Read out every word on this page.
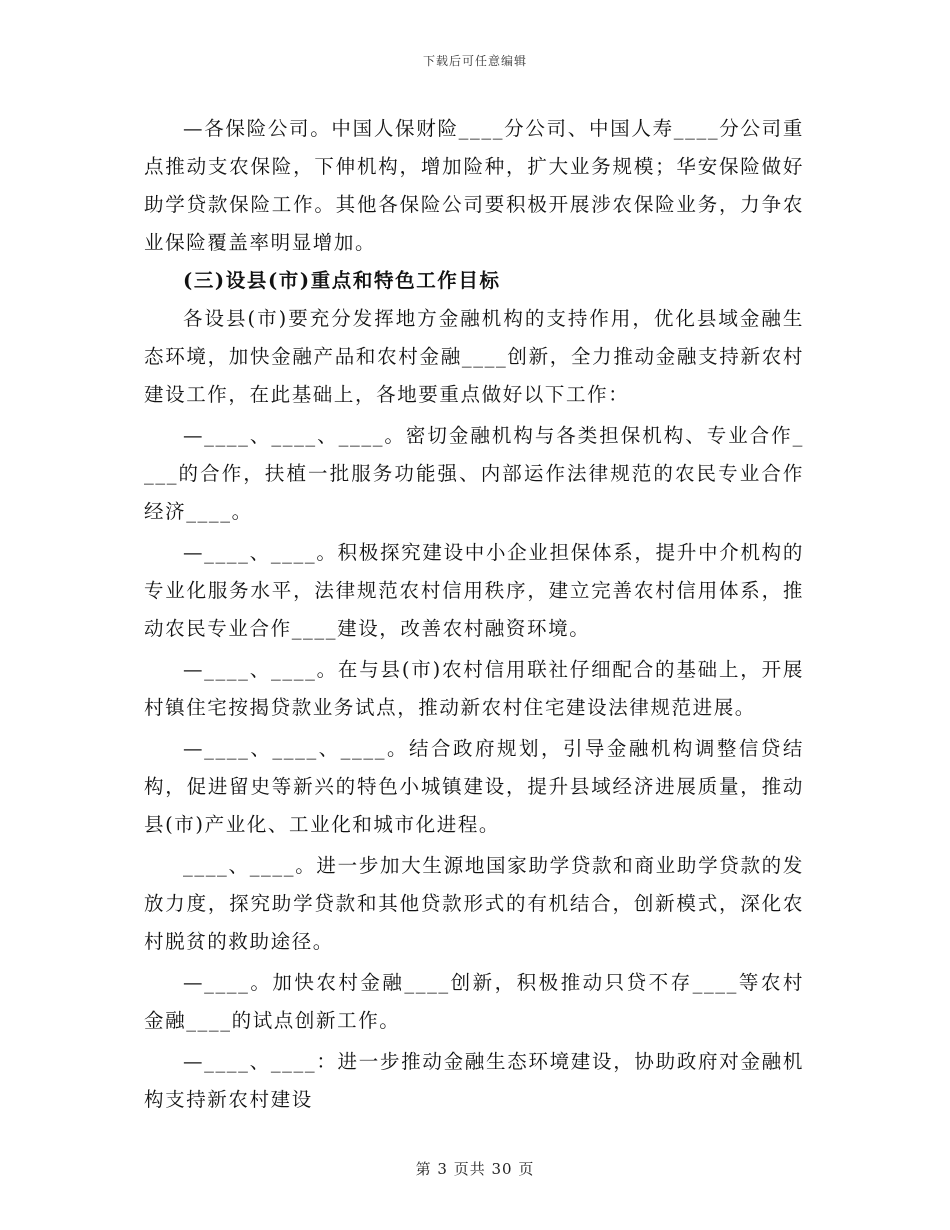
下载后可任意编辑

—各保险公司。中国人保财险____分公司、中国人寿____分公司重点推动支农保险，下伸机构，增加险种，扩大业务规模；华安保险做好助学贷款保险工作。其他各保险公司要积极开展涉农保险业务，力争农业保险覆盖率明显增加。

(三)设县(市)重点和特色工作目标

各设县(市)要充分发挥地方金融机构的支持作用，优化县域金融生态环境，加快金融产品和农村金融____创新，全力推动金融支持新农村建设工作，在此基础上，各地要重点做好以下工作：

—____、____、____。密切金融机构与各类担保机构、专业合作____的合作，扶植一批服务功能强、内部运作法律规范的农民专业合作经济____。

—____、____。积极探究建设中小企业担保体系，提升中介机构的专业化服务水平，法律规范农村信用秩序，建立完善农村信用体系，推动农民专业合作____建设，改善农村融资环境。

—____、____。在与县(市)农村信用联社仔细配合的基础上，开展村镇住宅按揭贷款业务试点，推动新农村住宅建设法律规范进展。

—____、____、____。结合政府规划，引导金融机构调整信贷结构，促进留史等新兴的特色小城镇建设，提升县域经济进展质量，推动县(市)产业化、工业化和城市化进程。

____、____。进一步加大生源地国家助学贷款和商业助学贷款的发放力度，探究助学贷款和其他贷款形式的有机结合，创新模式，深化农村脱贫的救助途径。

—____。加快农村金融____创新，积极推动只贷不存____等农村金融____的试点创新工作。

—____、____：进一步推动金融生态环境建设，协助政府对金融机构支持新农村建设

第 3 页共 30 页
